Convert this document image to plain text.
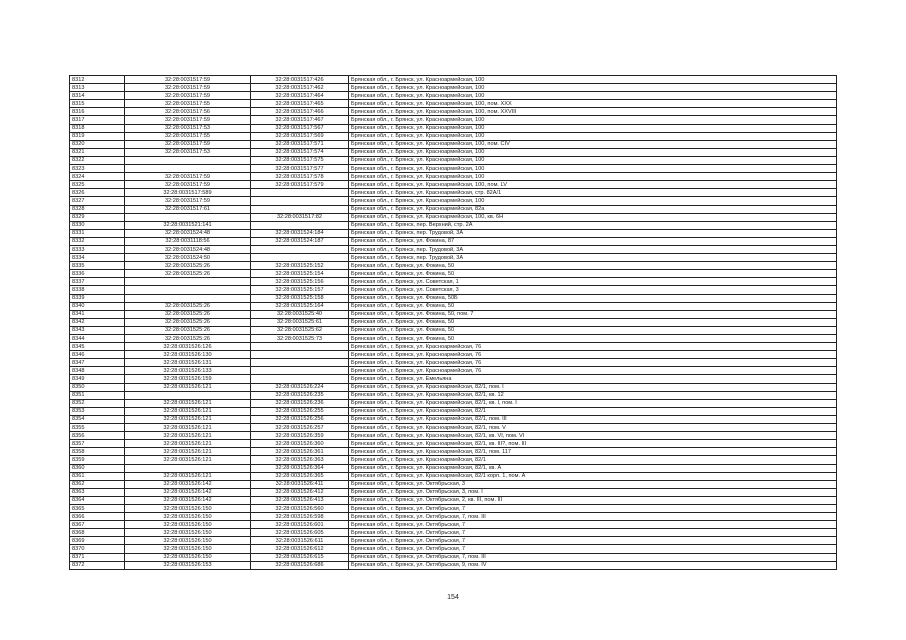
8312	32:28:0031517:59	32:28:0031517:426	Брянская обл., г. Брянск, ул. Красноармейская, 100
8313	32:28:0031517:59	32:28:0031517:462	Брянская обл., г. Брянск, ул. Красноармейская, 100
8314	32:28:0031517:59	32:28:0031517:464	Брянская обл., г. Брянск, ул. Красноармейская, 100
8315	32:28:0031517:55	32:28:0031517:465	Брянская обл., г. Брянск, ул. Красноармейская, 100, пом. XXX
8316	32:28:0031517:56	32:28:0031517:466	Брянская обл., г. Брянск, ул. Красноармейская, 100, пом. XXVIII
8317	32:28:0031517:59	32:28:0031517:467	Брянская обл., г. Брянск, ул. Красноармейская, 100
8318	32:28:0031517:53	32:28:0031517:567	Брянская обл., г. Брянск, ул. Красноармейская, 100
8319	32:28:0031517:55	32:28:0031517:569	Брянская обл., г. Брянск, ул. Красноармейская, 100
8320	32:28:0031517:59	32:28:0031517:571	Брянская обл., г. Брянск, ул. Красноармейская, 100, пом. CIV
8321	32:28:0031517:53	32:28:0031517:574	Брянская обл., г. Брянск, ул. Красноармейская, 100
8322		32:28:0031517:575	Брянская обл., г. Брянск, ул. Красноармейская, 100
8323		32:28:0031517:577	Брянская обл., г. Брянск, ул. Красноармейская, 100
8324	32:28:0031517:59	32:28:0031517:578	Брянская обл., г. Брянск, ул. Красноармейская, 100
8325	32:28:0031517:59	32:28:0031517:579	Брянская обл., г. Брянск, ул. Красноармейская, 100, пом. LV
8326	32:28:0031517:589		Брянская обл., г. Брянск, ул. Красноармейская, стр. 82А/1
8327	32:28:0031517:59		Брянская обл., г. Брянск, ул. Красноармейская, 100
8328	32:28:0031517:61		Брянская обл., г. Брянск, ул. Красноармейская, 82а
8329		32:28:0031517:82	Брянская обл., г. Брянск, ул. Красноармейская, 100, кв. 6Н
8330	32:28:0031521:141		Брянская обл., г. Брянск, пер. Верхний, стр. 2А
8331	32:28:0031524:48	32:28:0031524:184	Брянская обл., г. Брянск, пер. Трудовой, 3А
8332	32:28:0031118:56	32:28:0031524:187	Брянская обл., г. Брянск, ул. Фокина, 87
8333	32:28:0031524:48		Брянская обл., г. Брянск, пер. Трудовой, 3А
8334	32:28:0031524:50		Брянская обл., г. Брянск, пер. Трудовой, 3А
8335	32:28:0031525:26	32:28:0031525:152	Брянская обл., г. Брянск, ул. Фокина, 50
8336	32:28:0031525:26	32:28:0031525:154	Брянская обл., г. Брянск, ул. Фокина, 50
8337		32:28:0031525:156	Брянская обл., г. Брянск, ул. Советская, 1
8338		32:28:0031525:157	Брянская обл., г. Брянск, ул. Советская, 3
8339		32:28:0031525:158	Брянская обл., г. Брянск, ул. Фокина, 50Б
8340	32:28:0031525:26	32:28:0031525:164	Брянская обл., г. Брянск, ул. Фокина, 50
8341	32:28:0031525:26	32:28:0031525:40	Брянская обл., г. Брянск, ул. Фокина, 50, пом. 7
8342	32:28:0031525:26	32:28:0031525:61	Брянская обл., г. Брянск, ул. Фокина, 50
8343	32:28:0031525:26	32:28:0031525:62	Брянская обл., г. Брянск, ул. Фокина, 50
8344	32:28:0031525:26	32:28:0031525:73	Брянская обл., г. Брянск, ул. Фокина, 50
8345	32:28:0031526:126		Брянская обл., г. Брянск, ул. Красноармейская, 76
8346	32:28:0031526:130		Брянская обл., г. Брянск, ул. Красноармейская, 76
8347	32:28:0031526:131		Брянская обл., г. Брянск, ул. Красноармейская, 76
8348	32:28:0031526:133		Брянская обл., г. Брянск, ул. Красноармейская, 76
8349	32:28:0031526:159		Брянская обл., г. Брянск, ул. Емельяна
8350	32:28:0031526:121	32:28:0031526:224	Брянская обл., г. Брянск, ул. Красноармейская, 82/1, пом. I
8351		32:28:0031526:235	Брянская обл., г. Брянск, ул. Красноармейская, 82/1, кв. 12
8352	32:28:0031526:121	32:28:0031526:236	Брянская обл., г. Брянск, ул. Красноармейская, 82/1, кв. I, пом. I
8353	32:28:0031526:121	32:28:0031526:255	Брянская обл., г. Брянск, ул. Красноармейская, 82/1
8354	32:28:0031526:121	32:28:0031526:256	Брянская обл., г. Брянск, ул. Красноармейская, 82/1, пом. III
8355	32:28:0031526:121	32:28:0031526:257	Брянская обл., г. Брянск, ул. Красноармейская, 82/1, пом. V
8356	32:28:0031526:121	32:28:0031526:359	Брянская обл., г. Брянск, ул. Красноармейская, 82/1, кв. VI, пом. VI
8357	32:28:0031526:121	32:28:0031526:360	Брянская обл., г. Брянск, ул. Красноармейская, 82/1, кв. III?, пом. III
8358	32:28:0031526:121	32:28:0031526:361	Брянская обл., г. Брянск, ул. Красноармейская, 82/1, пом. 117
8359	32:28:0031526:121	32:28:0031526:363	Брянская обл., г. Брянск, ул. Красноармейская, 82/1
8360		32:28:0031526:364	Брянская обл., г. Брянск, ул. Красноармейская, 82/1, кв. А
8361	32:28:0031526:121	32:28:0031526:365	Брянская обл., г. Брянск, ул. Красноармейская, 82/1 корп. 1, пом. А
8362	32:28:0031526:142	32:28:0031526:411	Брянская обл., г. Брянск, ул. Октябрьская, 3
8363	32:28:0031526:142	32:28:0031526:412	Брянская обл., г. Брянск, ул. Октябрьская, 3, пом. I
8364	32:28:0031526:142	32:28:0031526:413	Брянская обл., г. Брянск, ул. Октябрьская, 2, кв. III, пом. III
8365	32:28:0031526:150	32:28:0031526:560	Брянская обл., г. Брянск, ул. Октябрьская, 7
8366	32:28:0031526:150	32:28:0031526:598	Брянская обл., г. Брянск, ул. Октябрьская, 7, пом. III
8367	32:28:0031526:150	32:28:0031526:601	Брянская обл., г. Брянск, ул. Октябрьская, 7
8368	32:28:0031526:150	32:28:0031526:605	Брянская обл., г. Брянск, ул. Октябрьская, 7
8369	32:28:0031526:150	32:28:0031526:611	Брянская обл., г. Брянск, ул. Октябрьская, 7
8370	32:28:0031526:150	32:28:0031526:612	Брянская обл., г. Брянск, ул. Октябрьская, 7
8371	32:28:0031526:150	32:28:0031526:615	Брянская обл., г. Брянск, ул. Октябрьская, 7, пом. III
8372	32:28:0031526:153	32:28:0031526:686	Брянская обл., г. Брянск, ул. Октябрьская, 9, пом. IV
154
